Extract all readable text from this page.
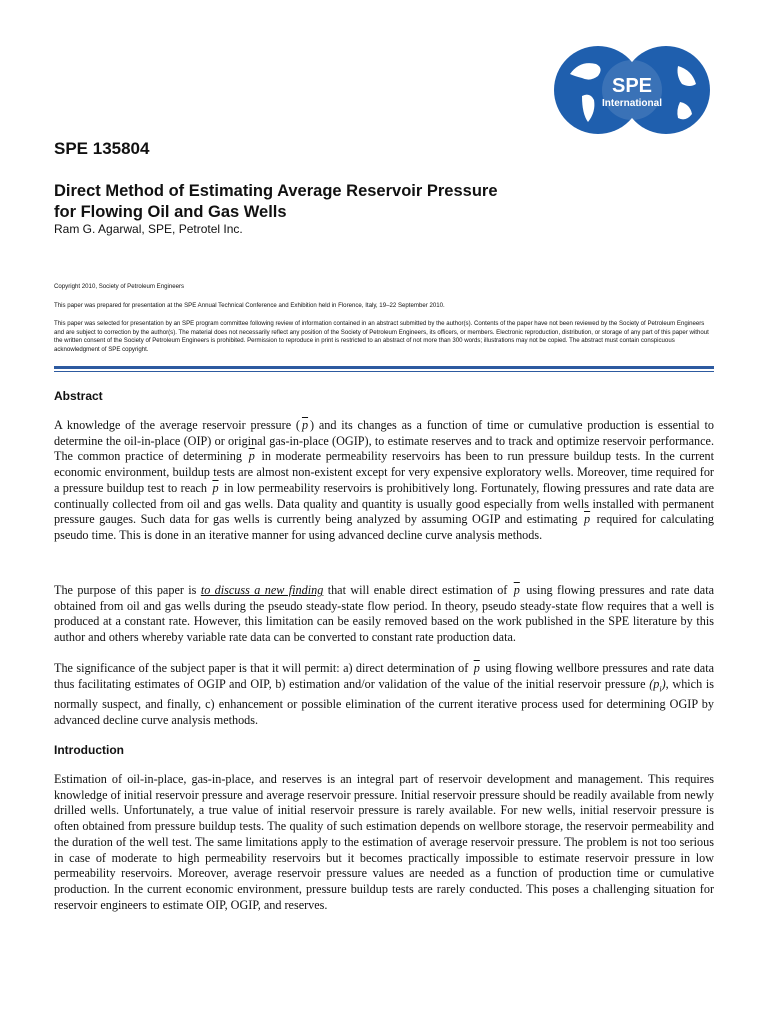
SPE
International
SPE 135804
Direct Method of Estimating Average Reservoir Pressure
for Flowing Oil and Gas Wells
Ram G. Agarwal, SPE, Petrotel Inc.
Copyright 2010, Society of Petroleum Engineers
This paper was prepared for presentation at the SPE Annual Technical Conference and Exhibition held in Florence, Italy, 19–22 September 2010.
This paper was selected for presentation by an SPE program committee following review of information contained in an abstract submitted by the author(s). Contents of the paper have not been reviewed by the Society of Petroleum Engineers and are subject to correction by the author(s). The material does not necessarily reflect any position of the Society of Petroleum Engineers, its officers, or members. Electronic reproduction, distribution, or storage of any part of this paper without the written consent of the Society of Petroleum Engineers is prohibited. Permission to reproduce in print is restricted to an abstract of not more than 300 words; illustrations may not be copied. The abstract must contain conspicuous acknowledgment of SPE copyright.
Abstract

A knowledge of the average reservoir pressure ( $\overline{p}$ ) and its changes as a function of time or cumulative production is essential to determine the oil-in-place (OIP) or original gas-in-place (OGIP), to estimate reserves and to track and optimize reservoir performance. The common practice of determining $\overline{p}$ in moderate permeability reservoirs has been to run pressure buildup tests. In the current economic environment, buildup tests are almost non-existent except for very expensive exploratory wells. Moreover, time required for a pressure buildup test to reach $\overline{p}$ in low permeability reservoirs is prohibitively long. Fortunately, flowing pressures and rate data are continually collected from oil and gas wells. Data quality and quantity is usually good especially from wells installed with permanent pressure gauges. Such data for gas wells is currently being analyzed by assuming OGIP and estimating $\overline{p}$ required for calculating pseudo time. This is done in an iterative manner for using advanced decline curve analysis methods.

The purpose of this paper is to discuss a new finding that will enable direct estimation of $\overline{p}$ using flowing pressures and rate data obtained from oil and gas wells during the pseudo steady-state flow period. In theory, pseudo steady-state flow requires that a well is produced at a constant rate. However, this limitation can be easily removed based on the work published in the SPE literature by this author and others whereby variable rate data can be converted to constant rate production data.

The significance of the subject paper is that it will permit: a) direct determination of $\overline{p}$ using flowing wellbore pressures and rate data thus facilitating estimates of OGIP and OIP, b) estimation and/or validation of the value of the initial reservoir pressure $(p_i)$, which is normally suspect, and finally, c) enhancement or possible elimination of the current iterative process used for determining OGIP by advanced decline curve analysis methods.

Introduction
Estimation of oil-in-place, gas-in-place, and reserves is an integral part of reservoir development and management. This requires knowledge of initial reservoir pressure and average reservoir pressure. Initial reservoir pressure should be readily available from newly drilled wells. Unfortunately, a true value of initial reservoir pressure is rarely available. For new wells, initial reservoir pressure is often obtained from pressure buildup tests. The quality of such estimation depends on wellbore storage, the reservoir permeability and the duration of the well test. The same limitations apply to the estimation of average reservoir pressure. The problem is not too serious in case of moderate to high permeability reservoirs but it becomes practically impossible to estimate reservoir pressure in low permeability reservoirs. Moreover, average reservoir pressure values are needed as a function of production time or cumulative production. In the current economic environment, pressure buildup tests are rarely conducted. This poses a challenging situation for reservoir engineers to estimate OIP, OGIP, and reserves.
